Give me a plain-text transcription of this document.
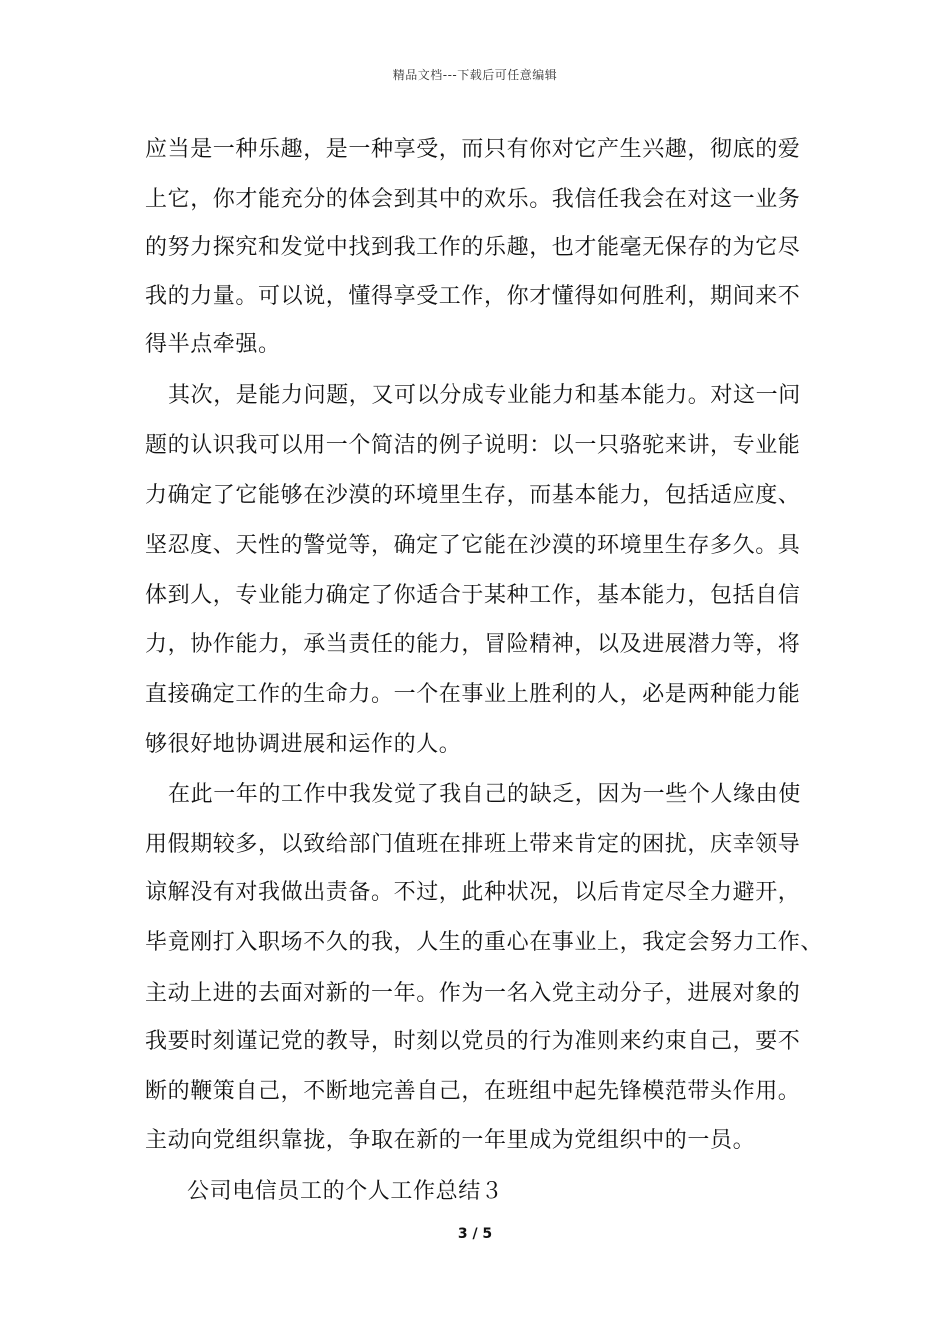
精品文档---下载后可任意编辑
应当是一种乐趣，是一种享受，而只有你对它产生兴趣，彻底的爱
上它，你才能充分的体会到其中的欢乐。我信任我会在对这一业务
的努力探究和发觉中找到我工作的乐趣，也才能毫无保存的为它尽
我的力量。可以说，懂得享受工作，你才懂得如何胜利，期间来不
得半点牵强。
其次，是能力问题，又可以分成专业能力和基本能力。对这一问
题的认识我可以用一个简洁的例子说明：以一只骆驼来讲，专业能
力确定了它能够在沙漠的环境里生存，而基本能力，包括适应度、
坚忍度、天性的警觉等，确定了它能在沙漠的环境里生存多久。具
体到人，专业能力确定了你适合于某种工作，基本能力，包括自信
力，协作能力，承当责任的能力，冒险精神，以及进展潜力等，将
直接确定工作的生命力。一个在事业上胜利的人，必是两种能力能
够很好地协调进展和运作的人。
在此一年的工作中我发觉了我自己的缺乏，因为一些个人缘由使
用假期较多，以致给部门值班在排班上带来肯定的困扰，庆幸领导
谅解没有对我做出责备。不过，此种状况，以后肯定尽全力避开，
毕竟刚打入职场不久的我，人生的重心在事业上，我定会努力工作、
主动上进的去面对新的一年。作为一名入党主动分子，进展对象的
我要时刻谨记党的教导，时刻以党员的行为准则来约束自己，要不
断的鞭策自己，不断地完善自己，在班组中起先锋模范带头作用。
主动向党组织靠拢，争取在新的一年里成为党组织中的一员。
公司电信员工的个人工作总结３
3 / 5
